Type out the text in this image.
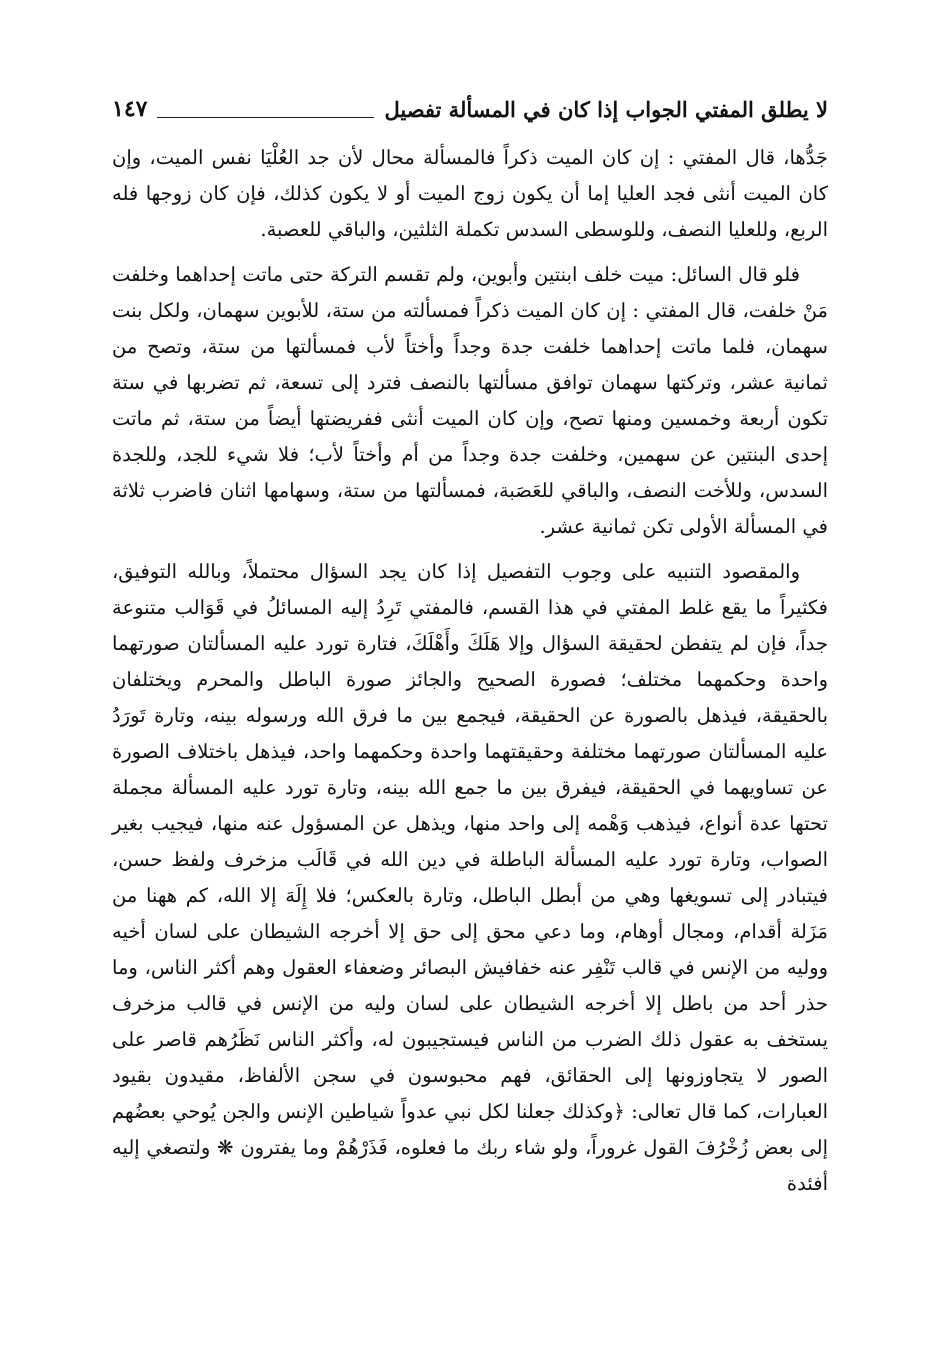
لا يطلق المفتي الجواب إذا كان في المسألة تفصيل
١٤٧

جَدُّها، قال المفتي : إن كان الميت ذكراً فالمسألة محال لأن جد العُلْيَا نفس الميت، وإن كان الميت أنثى فجد العليا إما أن يكون زوج الميت أو لا يكون كذلك، فإن كان زوجها فله الربع، وللعليا النصف، وللوسطى السدس تكملة الثلثين، والباقي للعصبة.

فلو قال السائل: ميت خلف ابنتين وأبوين، ولم تقسم التركة حتى ماتت إحداهما وخلفت مَنْ خلفت، قال المفتي : إن كان الميت ذكراً فمسألته من ستة، للأبوين سهمان، ولكل بنت سهمان، فلما ماتت إحداهما خلفت جدة وجداً وأختاً لأب فمسألتها من ستة، وتصح من ثمانية عشر، وتركتها سهمان توافق مسألتها بالنصف فترد إلى تسعة، ثم تضربها في ستة تكون أربعة وخمسين ومنها تصح، وإن كان الميت أنثى ففريضتها أيضاً من ستة، ثم ماتت إحدى البنتين عن سهمين، وخلفت جدة وجداً من أم وأختاً لأب؛ فلا شيء للجد، وللجدة السدس، وللأخت النصف، والباقي للعَصَبة، فمسألتها من ستة، وسهامها اثنان فاضرب ثلاثة في المسألة الأولى تكن ثمانية عشر.

والمقصود التنبيه على وجوب التفصيل إذا كان يجد السؤال محتملاً، وبالله التوفيق، فكثيراً ما يقع غلط المفتي في هذا القسم، فالمفتي تَرِدُ إليه المسائلُ في قَوَالب متنوعة جداً، فإن لم يتفطن لحقيقة السؤال وإلا هَلَكَ وأَهْلَكَ، فتارة تورد عليه المسألتان صورتهما واحدة وحكمهما مختلف؛ فصورة الصحيح والجائز صورة الباطل والمحرم ويختلفان بالحقيقة، فيذهل بالصورة عن الحقيقة، فيجمع بين ما فرق الله ورسوله بينه، وتارة تَورَدُ عليه المسألتان صورتهما مختلفة وحقيقتهما واحدة وحكمهما واحد، فيذهل باختلاف الصورة عن تساويهما في الحقيقة، فيفرق بين ما جمع الله بينه، وتارة تورد عليه المسألة مجملة تحتها عدة أنواع، فيذهب وَهْمه إلى واحد منها، ويذهل عن المسؤول عنه منها، فيجيب بغير الصواب، وتارة تورد عليه المسألة الباطلة في دين الله في قَالَب مزخرف ولفظ حسن، فيتبادر إلى تسويغها وهي من أبطل الباطل، وتارة بالعكس؛ فلا إِلَهَ إلا الله، كم ههنا من مَزَلة أقدام، ومجال أوهام، وما دعي محق إلى حق إلا أخرجه الشيطان على لسان أخيه ووليه من الإنس في قالب تَنْفِر عنه خفافيش البصائر وضعفاء العقول وهم أكثر الناس، وما حذر أحد من باطل إلا أخرجه الشيطان على لسان وليه من الإنس في قالب مزخرف يستخف به عقول ذلك الضرب من الناس فيستجيبون له، وأكثر الناس نَظَرُهم قاصر على الصور لا يتجاوزونها إلى الحقائق، فهم محبوسون في سجن الألفاظ، مقيدون بقيود العبارات، كما قال تعالى: ﴿وكذلك جعلنا لكل نبي عدواً شياطين الإنس والجن يُوحي بعضُهم إلى بعض زُخْرُفَ القول غروراً، ولو شاء ربك ما فعلوه، فَذَرْهُمْ وما يفترون ❋ ولتصغي إليه أفئدة
